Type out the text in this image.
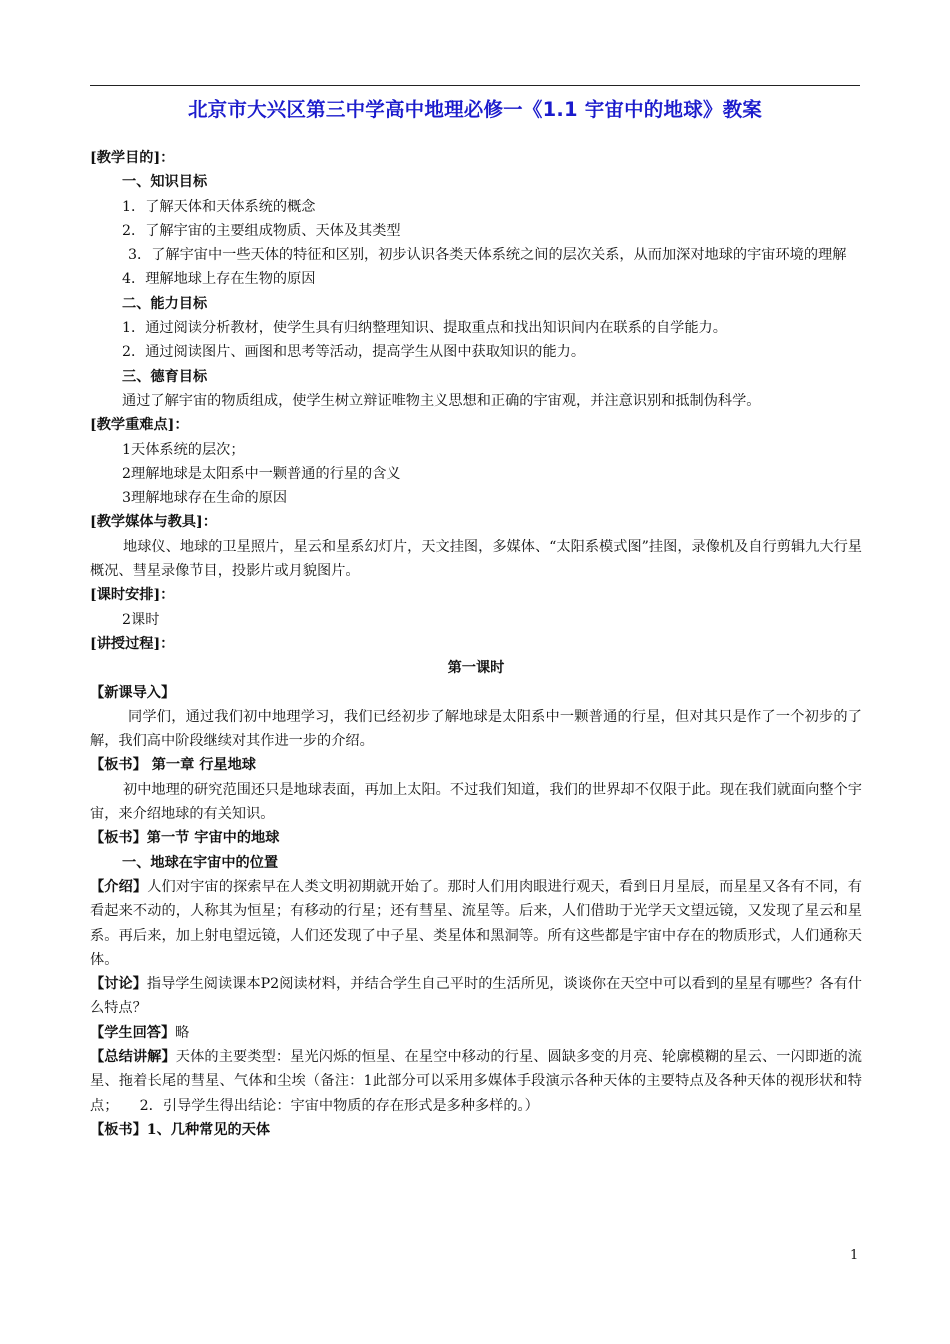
北京市大兴区第三中学高中地理必修一《1.1 宇宙中的地球》教案

[教学目的]：

一、知识目标

1．了解天体和天体系统的概念

2．了解宇宙的主要组成物质、天体及其类型

3．了解宇宙中一些天体的特征和区别，初步认识各类天体系统之间的层次关系，从而加深对地球的宇宙环境的理解

4．理解地球上存在生物的原因

二、能力目标

1．通过阅读分析教材，使学生具有归纳整理知识、提取重点和找出知识间内在联系的自学能力。

2．通过阅读图片、画图和思考等活动，提高学生从图中获取知识的能力。

三、德育目标

通过了解宇宙的物质组成，使学生树立辩证唯物主义思想和正确的宇宙观，并注意识别和抵制伪科学。

[教学重难点]：

1天体系统的层次；

2理解地球是太阳系中一颗普通的行星的含义

3理解地球存在生命的原因

[教学媒体与教具]：

地球仪、地球的卫星照片，星云和星系幻灯片，天文挂图，多媒体、“太阳系模式图”挂图，录像机及自行剪辑九大行星概况、彗星录像节目，投影片或月貌图片。

[课时安排]：

2课时

[讲授过程]：

第一课时

【新课导入】

同学们，通过我们初中地理学习，我们已经初步了解地球是太阳系中一颗普通的行星，但对其只是作了一个初步的了解，我们高中阶段继续对其作进一步的介绍。

【板书】 第一章 行星地球

初中地理的研究范围还只是地球表面，再加上太阳。不过我们知道，我们的世界却不仅限于此。现在我们就面向整个宇宙，来介绍地球的有关知识。

【板书】第一节 宇宙中的地球

一、地球在宇宙中的位置

【介绍】人们对宇宙的探索早在人类文明初期就开始了。那时人们用肉眼进行观天，看到日月星辰，而星星又各有不同，有看起来不动的，人称其为恒星；有移动的行星；还有彗星、流星等。后来，人们借助于光学天文望远镜，又发现了星云和星系。再后来，加上射电望远镜，人们还发现了中子星、类星体和黑洞等。所有这些都是宇宙中存在的物质形式，人们通称天体。

【讨论】指导学生阅读课本P2阅读材料，并结合学生自己平时的生活所见，谈谈你在天空中可以看到的星星有哪些？各有什么特点？

【学生回答】略

【总结讲解】天体的主要类型：星光闪烁的恒星、在星空中移动的行星、圆缺多变的月亮、轮廓模糊的星云、一闪即逝的流星、拖着长尾的彗星、气体和尘埃（备注：1此部分可以采用多媒体手段演示各种天体的主要特点及各种天体的视形状和特点；　　2．引导学生得出结论：宇宙中物质的存在形式是多种多样的。）

【板书】1、几种常见的天体

1
